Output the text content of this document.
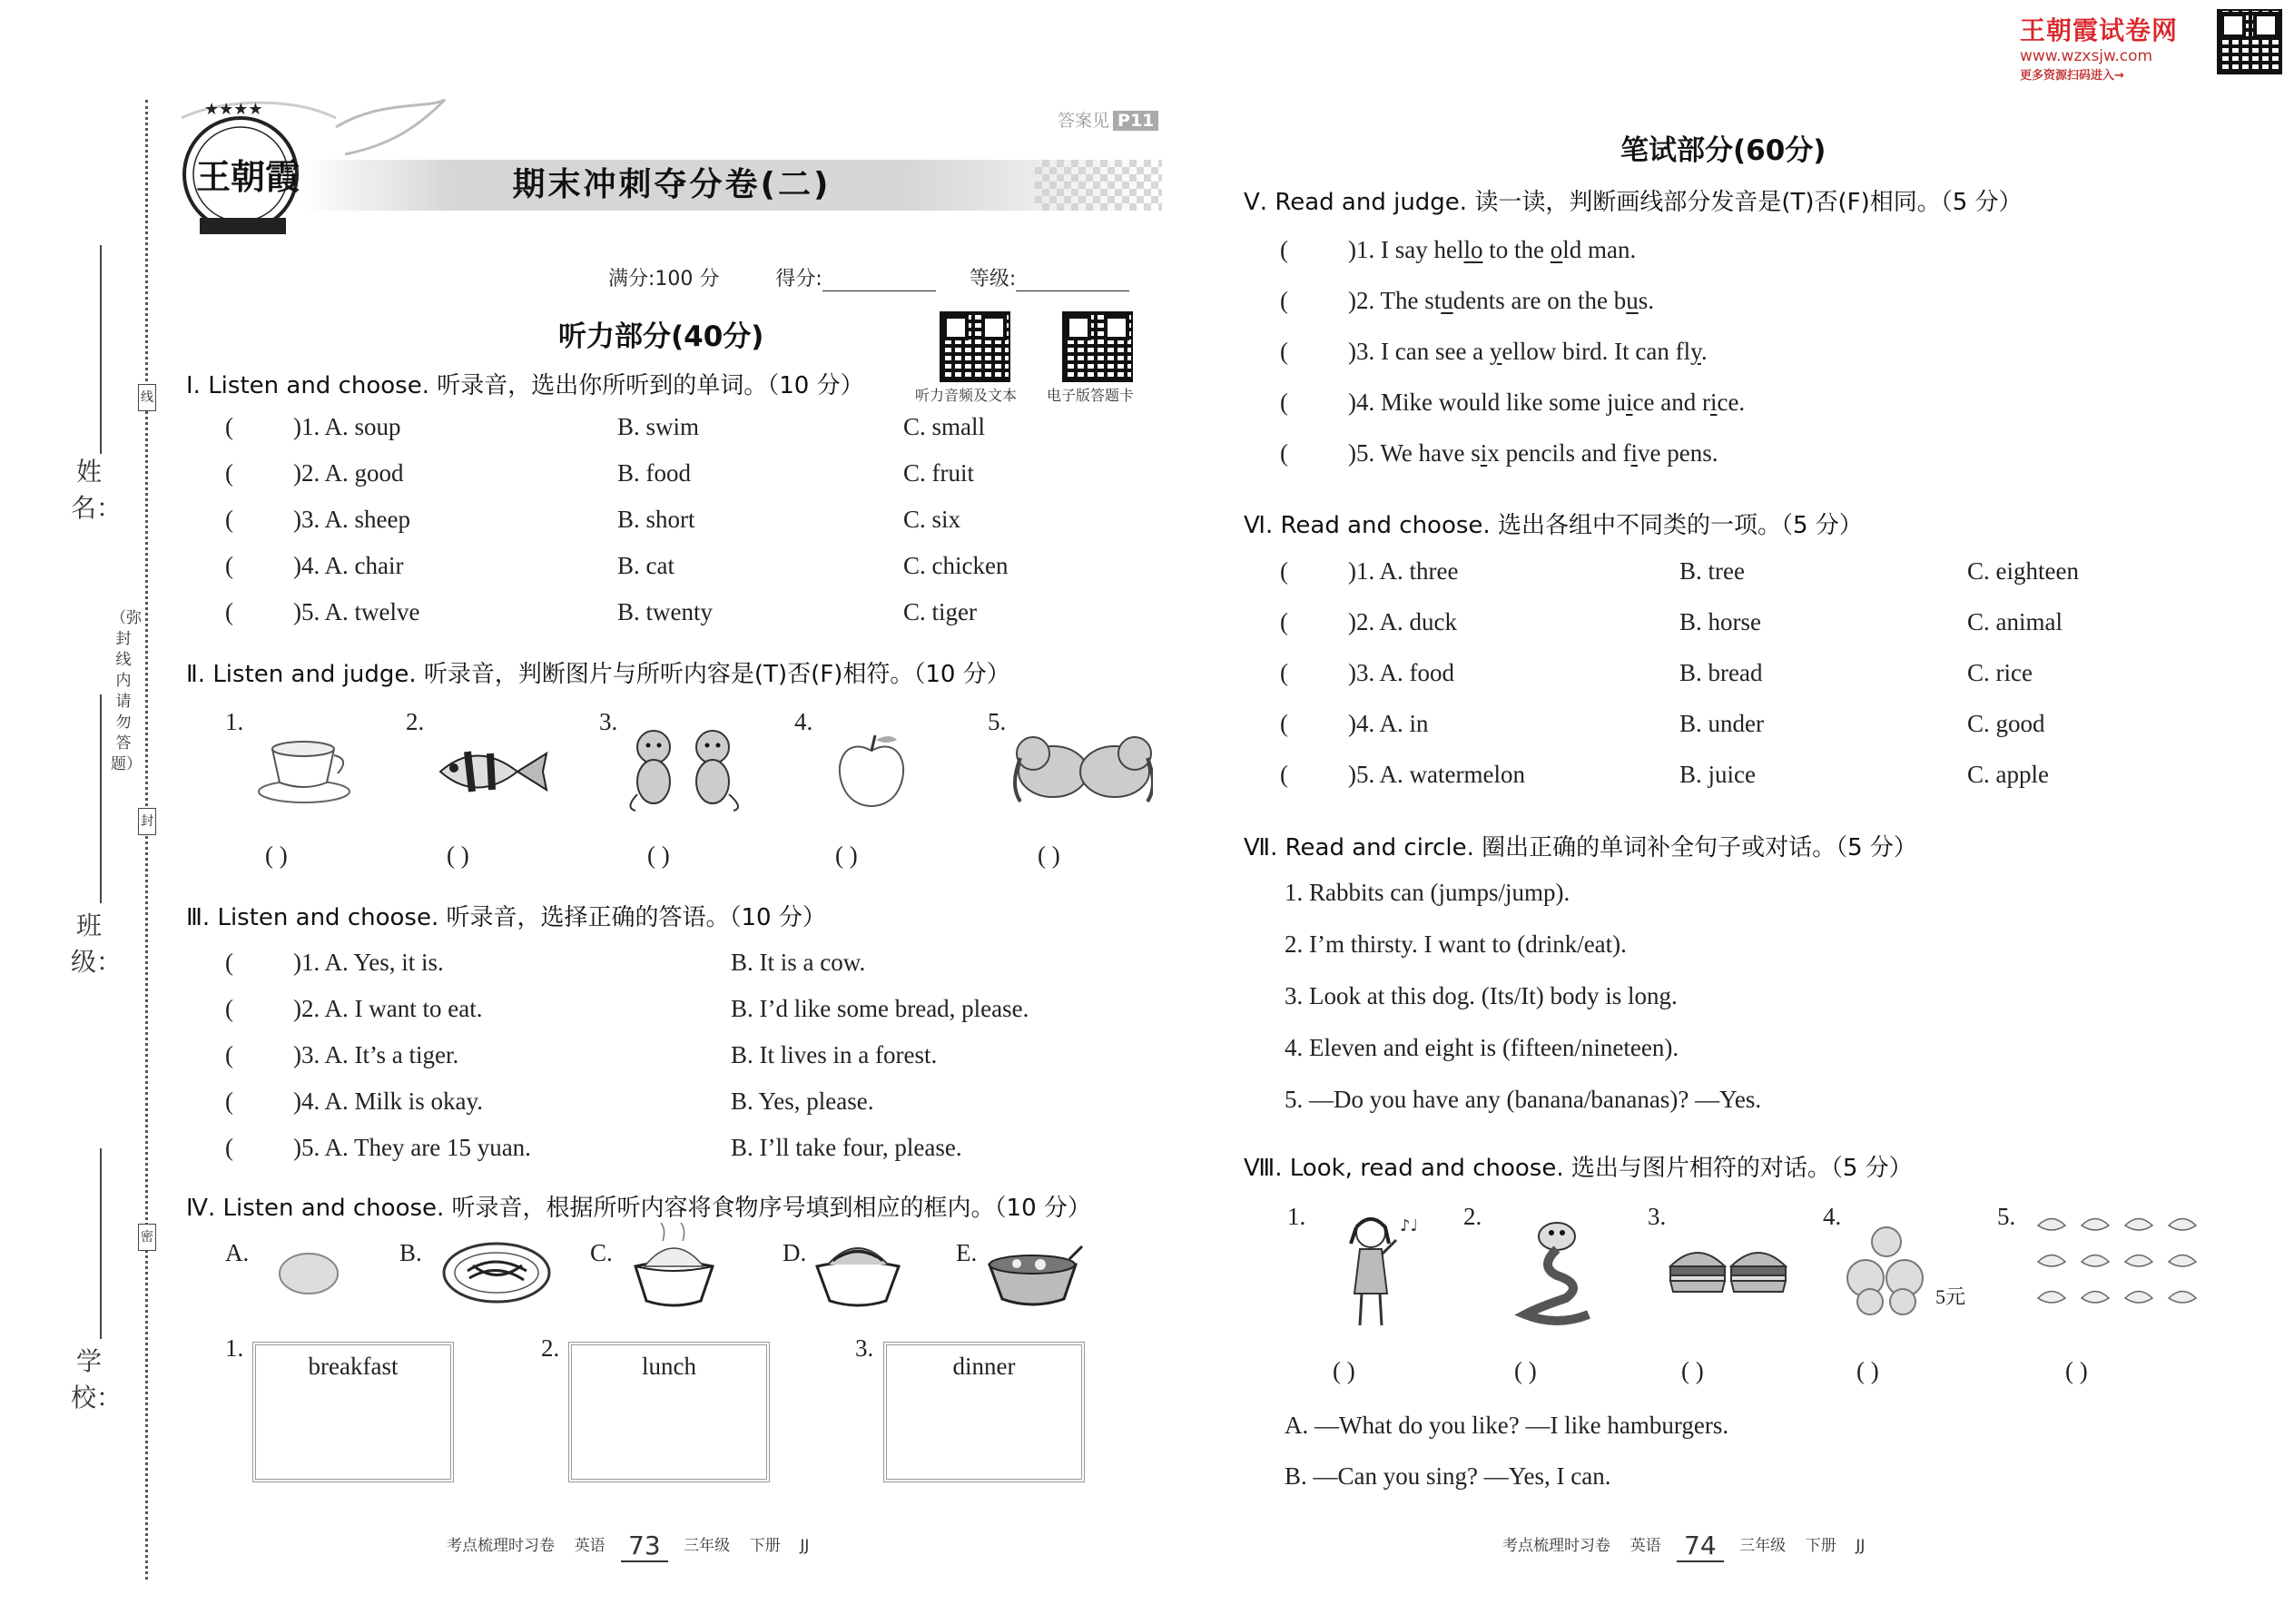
姓名：
班级：
学校：
线
封
密
（弥封线内请勿答题）
★★★★
王朝霞	期末冲刺夺分卷(二)
答案见 P11
满分:100 分	得分:	等级:
听力部分(40分)
听力音频及文本 电子版答题卡
Ⅰ. Listen and choose. 听录音，选出你所听到的单词。（10 分）
( )1. A. soup	B. swim	C. small
( )2. A. good	B. food	C. fruit
( )3. A. sheep	B. short	C. six
( )4. A. chair	B. cat	C. chicken
( )5. A. twelve	B. twenty	C. tiger
Ⅱ. Listen and judge. 听录音，判断图片与所听内容是(T)否(F)相符。（10 分）
1.	2.	3.	4.	5.
( )	( )	( )	( )	( )
Ⅲ. Listen and choose. 听录音，选择正确的答语。（10 分）
( )1. A. Yes, it is.	B. It is a cow.
( )2. A. I want to eat.	B. I’d like some bread, please.
( )3. A. It’s a tiger.	B. It lives in a forest.
( )4. A. Milk is okay.	B. Yes, please.
( )5. A. They are 15 yuan.	B. I’ll take four, please.
Ⅳ. Listen and choose. 听录音，根据所听内容将食物序号填到相应的框内。（10 分）
A.	B.	C.	D.	E.
1.	2.	3.
breakfast	lunch	dinner
考点梳理时习卷 英语 73 三年级 下册 JJ
王朝霞试卷网
www.wzxsjw.com
更多资源扫码进入→
笔试部分(60分)
Ⅴ. Read and judge. 读一读，判断画线部分发音是(T)否(F)相同。（5 分）
( )1. I say hello to the old man.
( )2. The students are on the bus.
( )3. I can see a yellow bird. It can fly.
( )4. Mike would like some juice and rice.
( )5. We have six pencils and five pens.
Ⅵ. Read and choose. 选出各组中不同类的一项。（5 分）
( )1. A. three	B. tree	C. eighteen
( )2. A. duck	B. horse	C. animal
( )3. A. food	B. bread	C. rice
( )4. A. in	B. under	C. good
( )5. A. watermelon	B. juice	C. apple
Ⅶ. Read and circle. 圈出正确的单词补全句子或对话。（5 分）
1. Rabbits can (jumps/jump).
2. I’m thirsty. I want to (drink/eat).
3. Look at this dog. (Its/It) body is long.
4. Eleven and eight is (fifteen/nineteen).
5. —Do you have any (banana/bananas)? —Yes.
Ⅷ. Look, read and choose. 选出与图片相符的对话。（5 分）
1.	2.	3.	4.	5.
♪♩
5元
( )	( )	( )	( )	( )
A. —What do you like? —I like hamburgers.
B. —Can you sing? —Yes, I can.
考点梳理时习卷 英语 74 三年级 下册 JJ
